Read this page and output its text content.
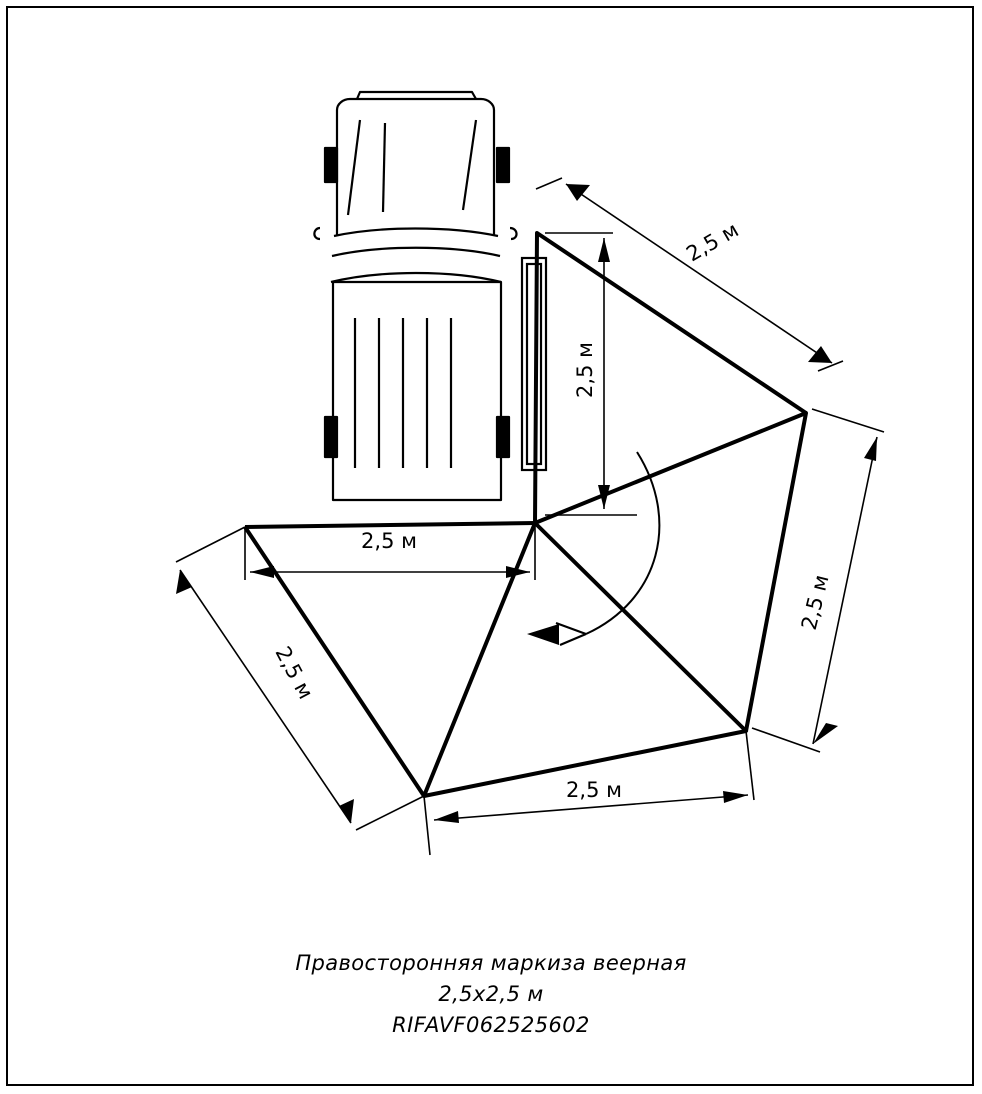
2,5 м
2,5 м
2,5 м
2,5 м
2,5 м
2,5 м
Правосторонняя маркиза веерная
2,5х2,5 м
RIFAVF062525602
